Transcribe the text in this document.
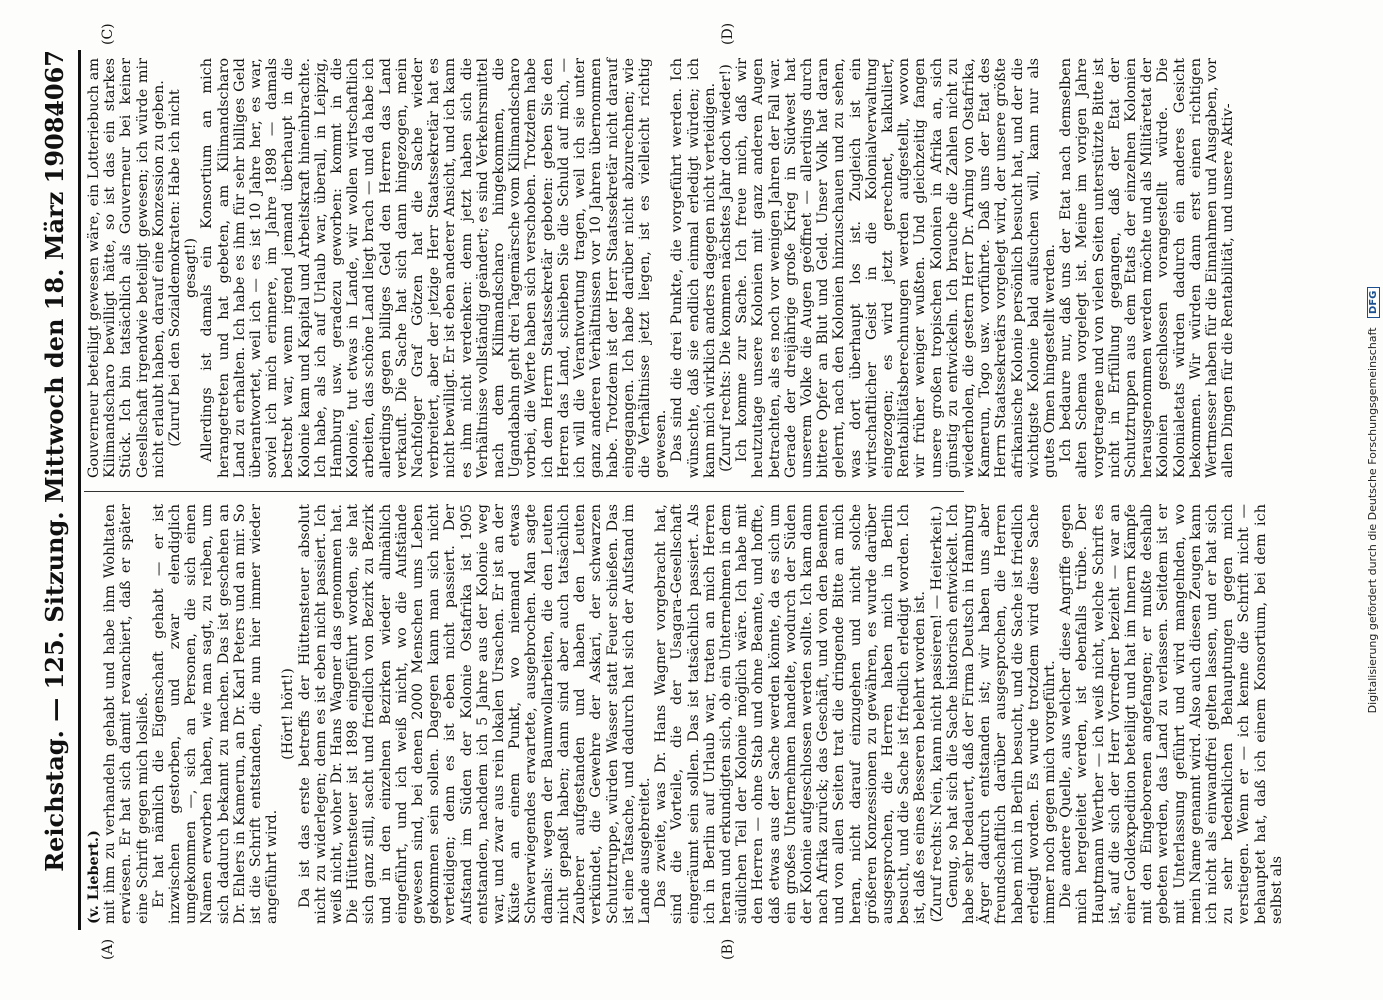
Reichstag. — 125. Sitzung. Mittwoch den 18. März 1908.
4067
(A)	(B)
(C)	(D)

(v. Liebert.) mit ihm zu verhandeln gehabt und habe ihm Wohltaten erwiesen. Er hat sich damit revanchiert, daß er später eine Schrift gegen mich losließ. Er hat nämlich die Eigenschaft gehabt — er ist inzwischen gestorben, und zwar elendiglich umgekommen —, sich an Personen, die sich einen Namen erworben haben, wie man sagt, zu reiben, um sich dadurch bekannt zu machen. Das ist geschehen an Dr. Ehlers in Kamerun, an Dr. Karl Peters und an mir. So ist die Schrift entstanden, die nun hier immer wieder angeführt wird.

(Hört! hört!) Da ist das erste betreffs der Hüttensteuer absolut nicht zu widerlegen; denn es ist eben nicht passiert. Ich weiß nicht, woher Dr. Hans Wagner das genommen hat. Die Hüttensteuer ist 1898 eingeführt worden, sie hat sich ganz still, sacht und friedlich von Bezirk zu Bezirk und in den einzelnen Bezirken wieder allmählich eingeführt, und ich weiß nicht, wo die Aufstände gewesen sind, bei denen 2000 Menschen ums Leben gekommen sein sollen. Dagegen kann man sich nicht verteidigen; denn es ist eben nicht passiert. Der Aufstand im Süden der Kolonie Ostafrika ist 1905 entstanden, nachdem ich 5 Jahre aus der Kolonie weg war, und zwar aus rein lokalen Ursachen. Er ist an der Küste an einem Punkt, wo niemand etwas Schwerwiegendes erwartete, ausgebrochen. Man sagte damals: wegen der Baumwollarbeiten, die den Leuten nicht gepaßt haben; dann sind aber auch tatsächlich Zauberer aufgestanden und haben den Leuten verkündet, die Gewehre der Askari, der schwarzen Schutztruppe, würden Wasser statt Feuer schießen. Das ist eine Tatsache, und dadurch hat sich der Aufstand im Lande ausgebreitet. Das zweite, was Dr. Hans Wagner vorgebracht hat, sind die Vorteile, die der Usagara-Gesellschaft eingeräumt sein sollen. Das ist tatsächlich passiert. Als ich in Berlin auf Urlaub war, traten an mich Herren heran und erkundigten sich, ob ein Unternehmen in dem südlichen Teil der Kolonie möglich wäre. Ich habe mit den Herren — ohne Stab und ohne Beamte, und hoffte, daß etwas aus der Sache werden könnte, da es sich um ein großes Unternehmen handelte, wodurch der Süden der Kolonie aufgeschlossen werden sollte. Ich kam dann nach Afrika zurück; das Geschäft, und von den Beamten und von allen Seiten trat die dringende Bitte an mich heran, nicht darauf einzugehen und nicht solche größeren Konzessionen zu gewähren, es wurde darüber ausgesprochen, die Herren haben mich in Berlin besucht, und die Sache ist friedlich erledigt worden. Ich ist, daß es eines Besseren belehrt worden ist. (Zuruf rechts: Nein, kann nicht passieren! — Heiterkeit.) Genug, so hat sich die Sache historisch entwickelt. Ich habe sehr bedauert, daß der Firma Deutsch in Hamburg Ärger dadurch entstanden ist; wir haben uns aber freundschaftlich darüber ausgesprochen, die Herren haben mich in Berlin besucht, und die Sache ist friedlich erledigt worden. Es wurde trotzdem wird diese Sache immer noch gegen mich vorgeführt. Die andere Quelle, aus welcher diese Angriffe gegen mich hergeleitet werden, ist ebenfalls trübe. Der Hauptmann Werther — ich weiß nicht, welche Schrift es ist, auf die sich der Herr Vorredner bezieht — war an einer Goldexpedition beteiligt und hat im Innern Kämpfe mit den Eingeborenen angefangen; er mußte deshalb gebeten werden, das Land zu verlassen. Seitdem ist er mit Unterlassung geführt und wird mangelnden, wo mein Name genannt wird. Also auch diesen Zeugen kann ich nicht als einwandfrei gelten lassen, und er hat sich zu sehr bedenklichen Behauptungen gegen mich verstiegen. Wenn er — ich kenne die Schrift nicht — behauptet hat, daß ich einem Konsortium, bei dem ich selbst als

Gouverneur beteiligt gewesen wäre, ein Lotteriebuch am Kilimandscharo bewilligt hätte, so ist das ein starkes Stück. Ich bin tatsächlich als Gouverneur bei keiner Gesellschaft irgendwie beteiligt gewesen; ich würde mir nicht erlaubt haben, darauf eine Konzession zu geben. (Zuruf bei den Sozialdemokraten: Habe ich nicht gesagt!) Allerdings ist damals ein Konsortium an mich herangetreten und hat gebeten, am Kilimandscharo Land zu erhalten. Ich habe es ihm für sehr billiges Geld überantwortet, weil ich — es ist 10 Jahre her, es war, soviel ich mich erinnere, im Jahre 1898 — damals bestrebt war, wenn irgend jemand überhaupt in die Kolonie kam und Kapital und Arbeitskraft hineinbrachte. Ich habe, als ich auf Urlaub war, überall, in Leipzig, Hamburg usw. geradezu geworben: kommt in die Kolonie, tut etwas in Lande, wir wollen wirtschaftlich arbeiten, das schöne Land liegt brach — und da habe ich allerdings gegen billiges Geld den Herren das Land verkauft. Die Sache hat sich dann hingezogen, mein Nachfolger Graf Götzen hat die Sache wieder verbreitert, aber der jetzige Herr Staatssekretär hat es nicht bewilligt. Er ist eben anderer Ansicht, und ich kann es ihm nicht verdenken: denn jetzt haben sich die Verhältnisse vollständig geändert; es sind Verkehrsmittel nach dem Kilimandscharo hingekommen, die Ugandabahn geht drei Tagemärsche vom Kilimandscharo vorbei, die Werte haben sich verschoben. Trotzdem habe ich dem Herrn Staatssekretär geboten: geben Sie den Herren das Land, schieben Sie die Schuld auf mich, — ich will die Verantwortung tragen, weil ich sie unter ganz anderen Verhältnissen vor 10 Jahren übernommen habe. Trotzdem ist der Herr Staatssekretär nicht darauf eingegangen. Ich habe darüber nicht abzurechnen; wie die Verhältnisse jetzt liegen, ist es vielleicht richtig gewesen. Das sind die drei Punkte, die vorgeführt werden. Ich wünschte, daß sie endlich einmal erledigt würden; ich kann mich wirklich anders dagegen nicht verteidigen. (Zuruf rechts: Die kommen nächstes Jahr doch wieder!) Ich komme zur Sache. Ich freue mich, daß wir heutzutage unsere Kolonien mit ganz anderen Augen betrachten, als es noch vor wenigen Jahren der Fall war. Gerade der dreijährige große Krieg in Südwest hat unserem Volke die Augen geöffnet — allerdings durch bittere Opfer an Blut und Geld. Unser Volk hat daran gelernt, nach den Kolonien hinzuschauen und zu sehen, was dort überhaupt los ist. Zugleich ist ein wirtschaftlicher Geist in die Kolonialverwaltung eingezogen; es wird jetzt gerechnet, kalkuliert, Rentabilitätsberechnungen werden aufgestellt, wovon wir früher weniger wußten. Und gleichzeitig fangen unsere großen tropischen Kolonien in Afrika an, sich günstig zu entwickeln. Ich brauche die Zahlen nicht zu wiederholen, die gestern Herr Dr. Arning von Ostafrika, Kamerun, Togo usw. vorführte. Daß uns der Etat des Herrn Staatssekretärs vorgelegt wird, der unsere größte afrikanische Kolonie persönlich besucht hat, und der die wichtigste Kolonie bald aufsuchen will, kann nur als gutes Omen hingestellt werden. Ich bedaure nur, daß uns der Etat nach demselben alten Schema vorgelegt ist. Meine im vorigen Jahre vorgetragene und von vielen Seiten unterstützte Bitte ist nicht in Erfüllung gegangen, daß der Etat der Schutztruppen aus dem Etats der einzelnen Kolonien herausgenommen werden möchte und als Militäretat der Kolonien geschlossen vorangestellt würde. Die Kolonialetats würden dadurch ein anderes Gesicht bekommen. Wir würden dann erst einen richtigen Wertmesser haben für die Einnahmen und Ausgaben, vor allen Dingen für die Rentabilität, und unsere Aktiv-

Digitalisierung gefördert durch die Deutsche Forschungsgemeinschaft DFG
